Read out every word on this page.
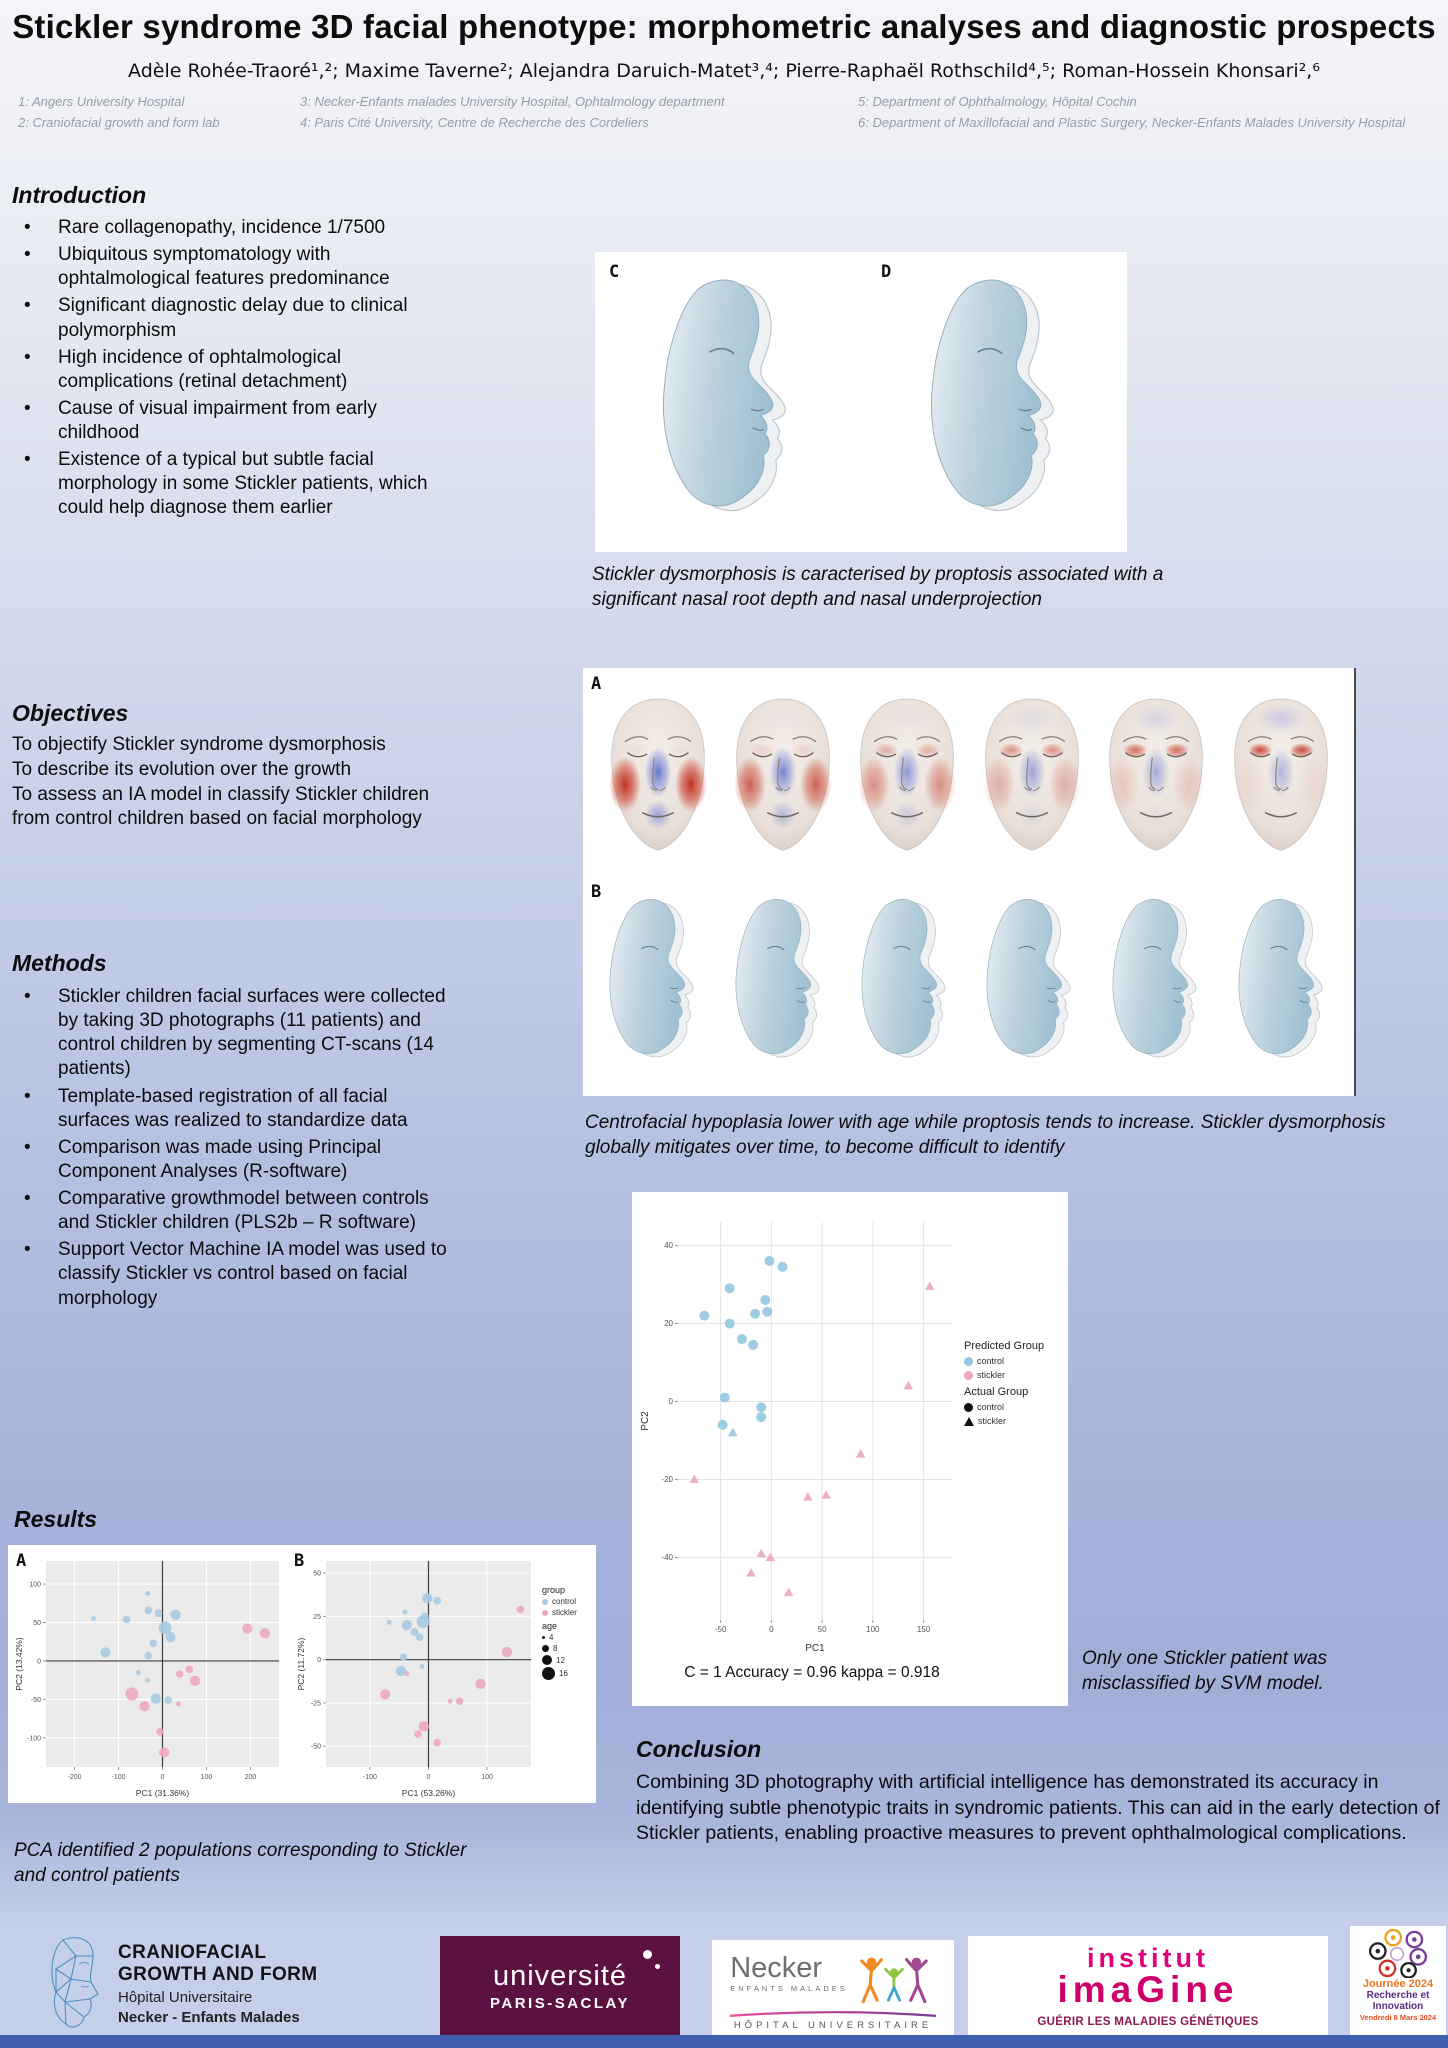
Stickler syndrome 3D facial phenotype: morphometric analyses and diagnostic prospects
Adèle Rohée-Traoré¹,²; Maxime Taverne²; Alejandra Daruich-Matet³,⁴; Pierre-Raphaël Rothschild⁴,⁵; Roman-Hossein Khonsari²,⁶
1: Angers University Hospital
2: Craniofacial growth and form lab
3: Necker-Enfants malades University Hospital, Ophtalmology department
4: Paris Cité University, Centre de Recherche des Cordeliers
5: Department of Ophthalmology, Hôpital Cochin
6: Department of Maxillofacial and Plastic Surgery, Necker-Enfants Malades University Hospital
Introduction
• Rare collagenopathy, incidence 1/7500
• Ubiquitous symptomatology with ophtalmological features predominance
• Significant diagnostic delay due to clinical polymorphism
• High incidence of ophtalmological complications (retinal detachment)
• Cause of visual impairment from early childhood
• Existence of a typical but subtle facial morphology in some Stickler patients, which could help diagnose them earlier
Objectives

To objectify Stickler syndrome dysmorphosis

To describe its evolution over the growth

To assess an IA model in classify Stickler children from control children based on facial morphology

Methods
• Stickler children facial surfaces were collected by taking 3D photographs (11 patients) and control children by segmenting CT-scans (14 patients)
• Template-based registration of all facial surfaces was realized to standardize data
• Comparison was made using Principal Component Analyses (R-software)
• Comparative growthmodel between controls and Stickler children (PLS2b – R software)
• Support Vector Machine IA model was used to classify Stickler vs control based on facial morphology
Results
C	D
Stickler dysmorphosis is caracterised by proptosis associated with a significant nasal root depth and nasal underprojection
A
B
Centrofacial hypoplasia lower with age while proptosis tends to increase. Stickler dysmorphosis globally mitigates over time, to become difficult to identify
-50	0	50	100	150
-40
-20
0
20
40
PC1
PC2
Predicted Group
control
stickler
Actual Group
control
stickler
C = 1 Accuracy = 0.96 kappa = 0.918
Only one Stickler patient was misclassified by SVM model.
A
-200	-100	0	100	200
-100
-50
0
50
100
PC1 (31.36%)
PC2 (13.42%)
B
-100	0	100
-50
-25
0
25
50
PC1 (53.26%)
PC2 (11.72%)
group
control
stickler
age
4
8
12
16
PCA identified 2 populations corresponding to Stickler and control patients
Conclusion
Combining 3D photography with artificial intelligence has demonstrated its accuracy in identifying subtle phenotypic traits in syndromic patients. This can aid in the early detection of Stickler patients, enabling proactive measures to prevent ophthalmological complications.
CRANIOFACIAL
GROWTH AND FORM
Hôpital Universitaire
Necker - Enfants Malades
université
PARIS-SACLAY
Necker
ENFANTS MALADES
HÔPITAL UNIVERSITAIRE
institut
imaGine
GUÉRIR LES MALADIES GÉNÉTIQUES
Journée 2024
Recherche et Innovation
Vendredi 8 Mars 2024
